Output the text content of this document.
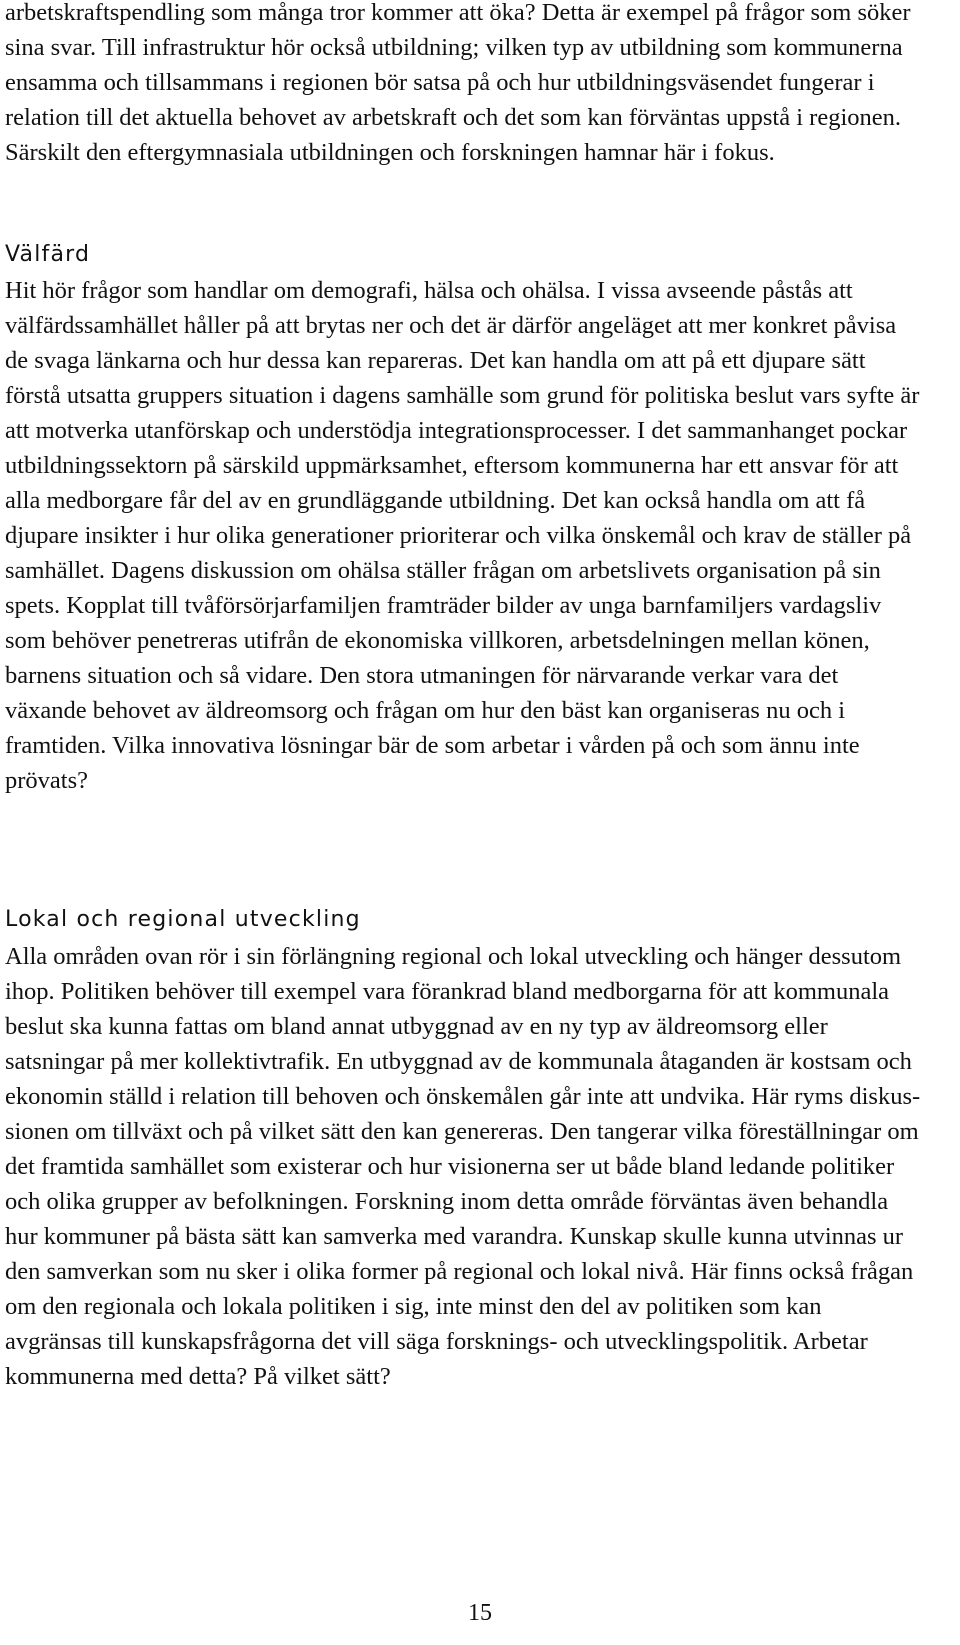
arbetskraftspendling som många tror kommer att öka? Detta är exempel på frågor som söker sina svar. Till infrastruktur hör också utbildning; vilken typ av utbildning som kommunerna ensamma och tillsammans i regionen bör satsa på och hur utbildningsväsendet fungerar i relation till det aktuella behovet av arbetskraft och det som kan förväntas uppstå i regionen. Särskilt den eftergymnasiala utbildningen och forskningen hamnar här i fokus.

Välfärd

Hit hör frågor som handlar om demografi, hälsa och ohälsa. I vissa avseende påstås att välfärdssamhället håller på att brytas ner och det är därför angeläget att mer konkret påvisa de svaga länkarna och hur dessa kan repareras. Det kan handla om att på ett djupare sätt förstå utsatta gruppers situation i dagens samhälle som grund för politiska beslut vars syfte är att motverka utanförskap och understödja integrationsprocesser. I det sammanhanget pockar utbildningssektorn på särskild uppmärksamhet, eftersom kommunerna har ett ansvar för att alla medborgare får del av en grundläggande utbildning. Det kan också handla om att få djupare insikter i hur olika generationer prioriterar och vilka önskemål och krav de ställer på samhället. Dagens diskussion om ohälsa ställer frågan om arbetslivets organisation på sin spets. Kopplat till tvåförsörjarfamiljen framträder bilder av unga barnfamiljers vardagsliv som behöver penetreras utifrån de ekonomiska villkoren, arbetsdelningen mellan könen, barnens situation och så vidare. Den stora utmaningen för närvarande verkar vara det växande behovet av äldreomsorg och frågan om hur den bäst kan organiseras nu och i framtiden. Vilka innovativa lösningar bär de som arbetar i vården på och som ännu inte prövats?

Lokal och regional utveckling

Alla områden ovan rör i sin förlängning regional och lokal utveckling och hänger dessutom ihop. Politiken behöver till exempel vara förankrad bland medborgarna för att kommunala beslut ska kunna fattas om bland annat utbyggnad av en ny typ av äldreomsorg eller satsningar på mer kollektivtrafik. En utbyggnad av de kommunala åtaganden är kostsam och ekonomin ställd i relation till behoven och önskemålen går inte att undvika. Här ryms diskussionen om tillväxt och på vilket sätt den kan genereras. Den tangerar vilka föreställningar om det framtida samhället som existerar och hur visionerna ser ut både bland ledande politiker och olika grupper av befolkningen. Forskning inom detta område förväntas även behandla hur kommuner på bästa sätt kan samverka med varandra. Kunskap skulle kunna utvinnas ur den samverkan som nu sker i olika former på regional och lokal nivå. Här finns också frågan om den regionala och lokala politiken i sig, inte minst den del av politiken som kan avgränsas till kunskapsfrågorna det vill säga forsknings- och utvecklingspolitik. Arbetar kommunerna med detta? På vilket sätt?

15
